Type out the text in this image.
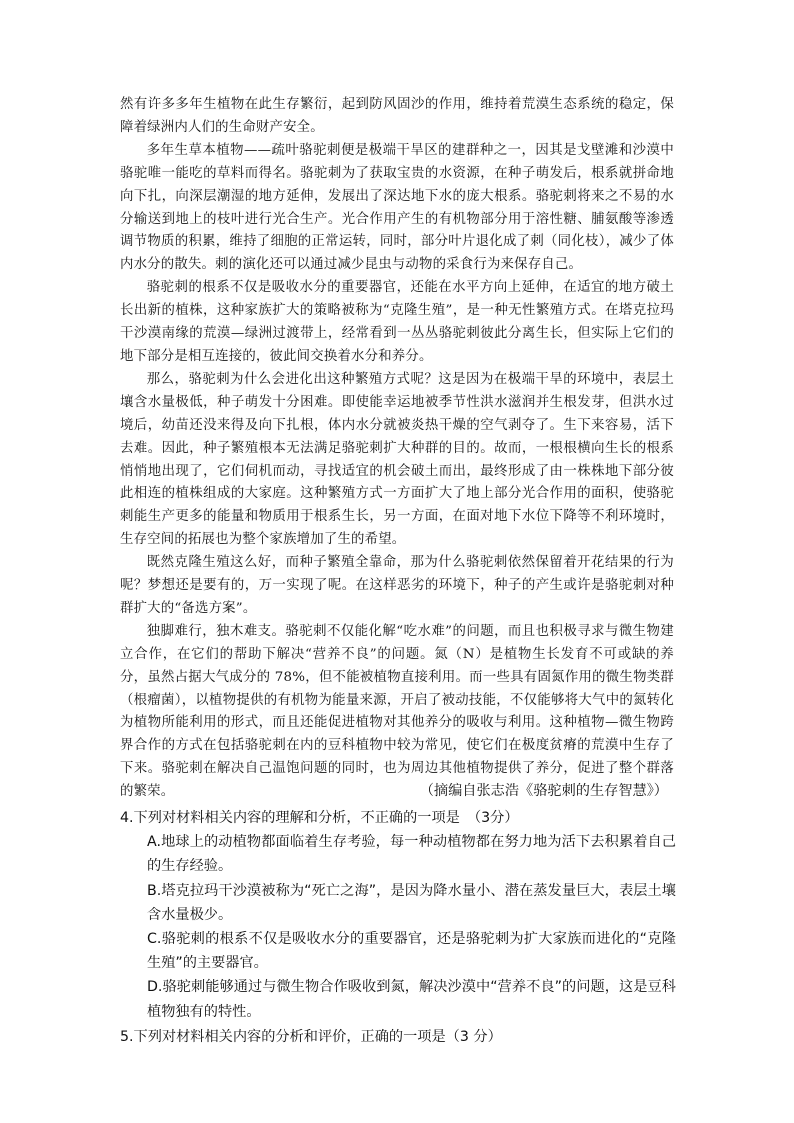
然有许多多年生植物在此生存繁衍，起到防风固沙的作用，维持着荒漠生态系统的稳定，保障着绿洲内人们的生命财产安全。

多年生草本植物——疏叶骆驼刺便是极端干旱区的建群种之一，因其是戈壁滩和沙漠中骆驼唯一能吃的草料而得名。骆驼刺为了获取宝贵的水资源，在种子萌发后，根系就拼命地向下扎，向深层潮湿的地方延伸，发展出了深达地下水的庞大根系。骆驼刺将来之不易的水分输送到地上的枝叶进行光合生产。光合作用产生的有机物部分用于溶性糖、脯氨酸等渗透调节物质的积累，维持了细胞的正常运转，同时，部分叶片退化成了刺（同化枝），减少了体内水分的散失。刺的演化还可以通过减少昆虫与动物的采食行为来保存自己。

骆驼刺的根系不仅是吸收水分的重要器官，还能在水平方向上延伸，在适宜的地方破土长出新的植株，这种家族扩大的策略被称为“克隆生殖”，是一种无性繁殖方式。在塔克拉玛干沙漠南缘的荒漠—绿洲过渡带上，经常看到一丛丛骆驼刺彼此分离生长，但实际上它们的地下部分是相互连接的，彼此间交换着水分和养分。

那么，骆驼刺为什么会进化出这种繁殖方式呢？这是因为在极端干旱的环境中，表层土壤含水量极低，种子萌发十分困难。即使能幸运地被季节性洪水滋润并生根发芽，但洪水过境后，幼苗还没来得及向下扎根，体内水分就被炎热干燥的空气剥夺了。生下来容易，活下去难。因此，种子繁殖根本无法满足骆驼刺扩大种群的目的。故而，一根根横向生长的根系悄悄地出现了，它们伺机而动，寻找适宜的机会破土而出，最终形成了由一株株地下部分彼此相连的植株组成的大家庭。这种繁殖方式一方面扩大了地上部分光合作用的面积，使骆驼刺能生产更多的能量和物质用于根系生长，另一方面，在面对地下水位下降等不利环境时，生存空间的拓展也为整个家族增加了生的希望。

既然克隆生殖这么好，而种子繁殖全靠命，那为什么骆驼刺依然保留着开花结果的行为呢？梦想还是要有的，万一实现了呢。在这样恶劣的环境下，种子的产生或许是骆驼刺对种群扩大的“备选方案”。

独脚难行，独木难支。骆驼刺不仅能化解“吃水难”的问题，而且也积极寻求与微生物建立合作，在它们的帮助下解决“营养不良”的问题。氮（N）是植物生长发育不可或缺的养分，虽然占据大气成分的 78%，但不能被植物直接利用。而一些具有固氮作用的微生物类群（根瘤菌），以植物提供的有机物为能量来源，开启了被动技能，不仅能够将大气中的氮转化为植物所能利用的形式，而且还能促进植物对其他养分的吸收与利用。这种植物—微生物跨界合作的方式在包括骆驼刺在内的豆科植物中较为常见，使它们在极度贫瘠的荒漠中生存了下来。骆驼刺在解决自己温饱问题的同时，也为周边其他植物提供了养分，促进了整个群落的繁荣。	（摘编自张志浩《骆驼刺的生存智慧》）

4.下列对材料相关内容的理解和分析，不正确的一项是　（3分）

A.地球上的动植物都面临着生存考验，每一种动植物都在努力地为活下去积累着自己的生存经验。

B.塔克拉玛干沙漠被称为“死亡之海”，是因为降水量小、潜在蒸发量巨大，表层土壤含水量极少。

C.骆驼刺的根系不仅是吸收水分的重要器官，还是骆驼刺为扩大家族而进化的“克隆生殖”的主要器官。

D.骆驼刺能够通过与微生物合作吸收到氮，解决沙漠中“营养不良”的问题，这是豆科植物独有的特性。

5.下列对材料相关内容的分析和评价，正确的一项是（3 分）
